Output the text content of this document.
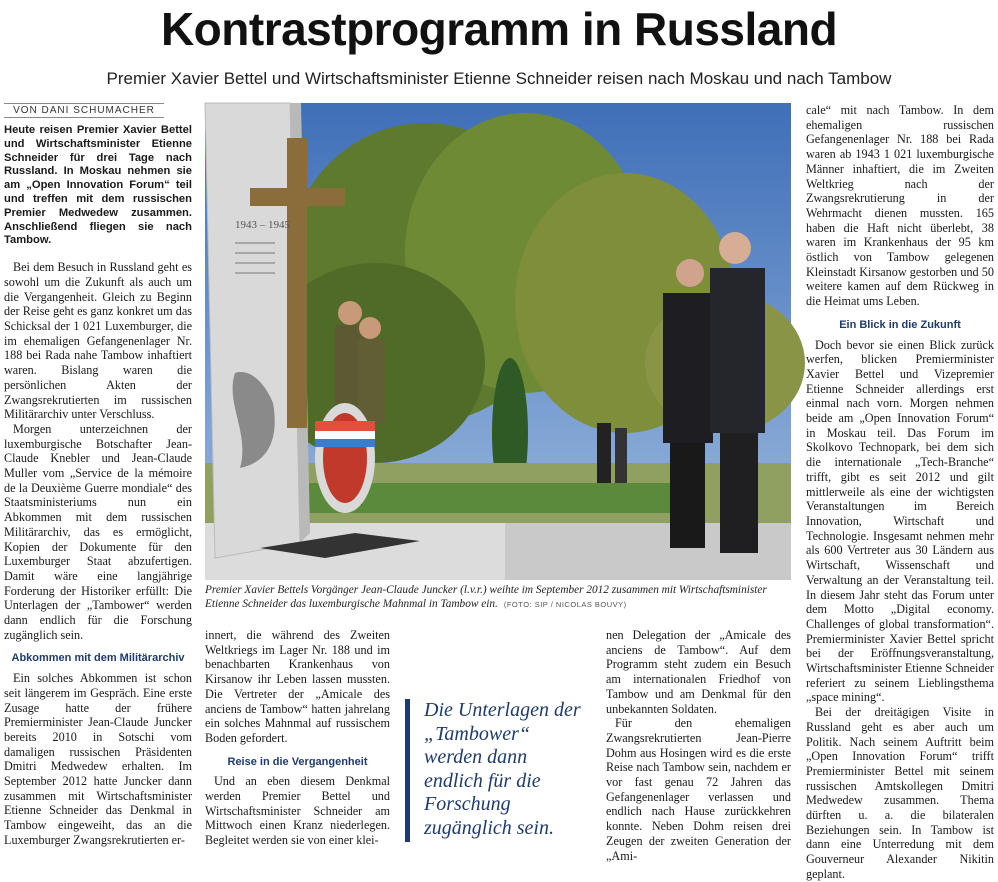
Kontrastprogramm in Russland
Premier Xavier Bettel und Wirtschaftsminister Etienne Schneider reisen nach Moskau und nach Tambow
VON DANI SCHUMACHER

Heute reisen Premier Xavier Bettel und Wirtschaftsminister Etienne Schneider für drei Tage nach Russland. In Moskau nehmen sie am „Open Innovation Forum“ teil und treffen mit dem russischen Premier Medwedew zusammen. Anschließend fliegen sie nach Tambow.

Bei dem Besuch in Russland geht es sowohl um die Zukunft als auch um die Vergangenheit. Gleich zu Beginn der Reise geht es ganz konkret um das Schicksal der 1 021 Luxemburger, die im ehemaligen Gefangenenlager Nr. 188 bei Rada nahe Tambow inhaftiert waren. Bislang waren die persönlichen Akten der Zwangsrekrutierten im russischen Militärarchiv unter Verschluss.

Morgen unterzeichnen der luxemburgische Botschafter Jean-Claude Knebler und Jean-Claude Muller vom „Service de la mémoire de la Deuxième Guerre mondiale“ des Staatsministeriums nun ein Abkommen mit dem russischen Militärarchiv, das es ermöglicht, Kopien der Dokumente für den Luxemburger Staat abzufertigen. Damit wäre eine langjährige Forderung der Historiker erfüllt: Die Unterlagen der „Tambower“ werden dann endlich für die Forschung zugänglich sein.

Abkommen mit dem Militärarchiv

Ein solches Abkommen ist schon seit längerem im Gespräch. Eine erste Zusage hatte der frühere Premierminister Jean-Claude Juncker bereits 2010 in Sotschi vom damaligen russischen Präsidenten Dmitri Medwedew erhalten. Im September 2012 hatte Juncker dann zusammen mit Wirtschaftsminister Etienne Schneider das Denkmal in Tambow eingeweiht, das an die Luxemburger Zwangsrekrutierten er-

1943 – 1945
Premier Xavier Bettels Vorgänger Jean-Claude Juncker (l.v.r.) weihte im September 2012 zusammen mit Wirtschaftsminister Etienne Schneider das luxemburgische Mahnmal in Tambow ein. (FOTO: SIP / NICOLAS BOUVY)

innert, die während des Zweiten Weltkriegs im Lager Nr. 188 und im benachbarten Krankenhaus von Kirsanow ihr Leben lassen mussten. Die Vertreter der „Amicale des anciens de Tambow“ hatten jahrelang ein solches Mahnmal auf russischem Boden gefordert.

Reise in die Vergangenheit

Und an eben diesem Denkmal werden Premier Bettel und Wirtschaftsminister Schneider am Mittwoch einen Kranz niederlegen. Begleitet werden sie von einer klei-

Die Unterlagen der „Tambower“ werden dann endlich für die Forschung zugänglich sein.

nen Delegation der „Amicale des anciens de Tambow“. Auf dem Programm steht zudem ein Besuch am internationalen Friedhof von Tambow und am Denkmal für den unbekannten Soldaten.

Für den ehemaligen Zwangsrekrutierten Jean-Pierre Dohm aus Hosingen wird es die erste Reise nach Tambow sein, nachdem er vor fast genau 72 Jahren das Gefangenenlager verlassen und endlich nach Hause zurückkehren konnte. Neben Dohm reisen drei Zeugen der zweiten Generation der „Ami-

cale“ mit nach Tambow. In dem ehemaligen russischen Gefangenenlager Nr. 188 bei Rada waren ab 1943 1 021 luxemburgische Männer inhaftiert, die im Zweiten Weltkrieg nach der Zwangsrekrutierung in der Wehrmacht dienen mussten. 165 haben die Haft nicht überlebt, 38 waren im Krankenhaus der 95 km östlich von Tambow gelegenen Kleinstadt Kirsanow gestorben und 50 weitere kamen auf dem Rückweg in die Heimat ums Leben.

Ein Blick in die Zukunft

Doch bevor sie einen Blick zurück werfen, blicken Premierminister Xavier Bettel und Vizepremier Etienne Schneider allerdings erst einmal nach vorn. Morgen nehmen beide am „Open Innovation Forum“ in Moskau teil. Das Forum im Skolkovo Technopark, bei dem sich die internationale „Tech-Branche“ trifft, gibt es seit 2012 und gilt mittlerweile als eine der wichtigsten Veranstaltungen im Bereich Innovation, Wirtschaft und Technologie. Insgesamt nehmen mehr als 600 Vertreter aus 30 Ländern aus Wirtschaft, Wissenschaft und Verwaltung an der Veranstaltung teil. In diesem Jahr steht das Forum unter dem Motto „Digital economy. Challenges of global transformation“. Premierminister Xavier Bettel spricht bei der Eröffnungsveranstaltung, Wirtschaftsminister Etienne Schneider referiert zu seinem Lieblingsthema „space mining“.

Bei der dreitägigen Visite in Russland geht es aber auch um Politik. Nach seinem Auftritt beim „Open Innovation Forum“ trifft Premierminister Bettel mit seinem russischen Amtskollegen Dmitri Medwedew zusammen. Thema dürften u. a. die bilateralen Beziehungen sein. In Tambow ist dann eine Unterredung mit dem Gouverneur Alexander Nikitin geplant.
